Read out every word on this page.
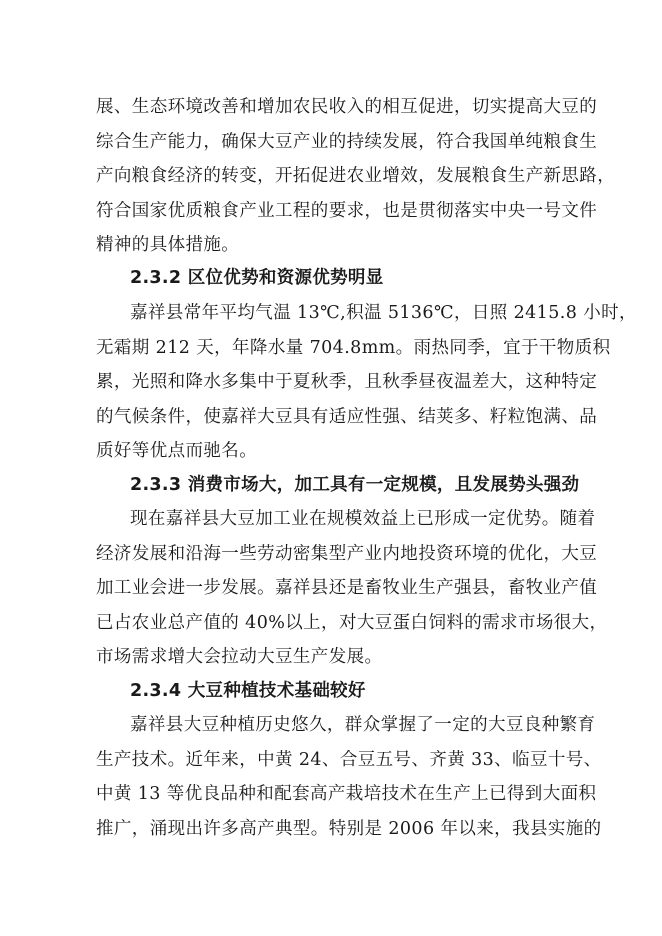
展、生态环境改善和增加农民收入的相互促进，切实提高大豆的
综合生产能力，确保大豆产业的持续发展，符合我国单纯粮食生
产向粮食经济的转变，开拓促进农业增效，发展粮食生产新思路，
符合国家优质粮食产业工程的要求，也是贯彻落实中央一号文件
精神的具体措施。
2.3.2 区位优势和资源优势明显
嘉祥县常年平均气温 13℃,积温 5136℃，日照 2415.8 小时，
无霜期 212 天，年降水量 704.8mm。雨热同季，宜于干物质积
累，光照和降水多集中于夏秋季，且秋季昼夜温差大，这种特定
的气候条件，使嘉祥大豆具有适应性强、结荚多、籽粒饱满、品
质好等优点而驰名。
2.3.3 消费市场大，加工具有一定规模，且发展势头强劲
现在嘉祥县大豆加工业在规模效益上已形成一定优势。随着
经济发展和沿海一些劳动密集型产业内地投资环境的优化，大豆
加工业会进一步发展。嘉祥县还是畜牧业生产强县，畜牧业产值
已占农业总产值的 40%以上，对大豆蛋白饲料的需求市场很大，
市场需求增大会拉动大豆生产发展。
2.3.4 大豆种植技术基础较好
嘉祥县大豆种植历史悠久，群众掌握了一定的大豆良种繁育
生产技术。近年来，中黄 24、合豆五号、齐黄 33、临豆十号、
中黄 13 等优良品种和配套高产栽培技术在生产上已得到大面积
推广，涌现出许多高产典型。特别是 2006 年以来，我县实施的
